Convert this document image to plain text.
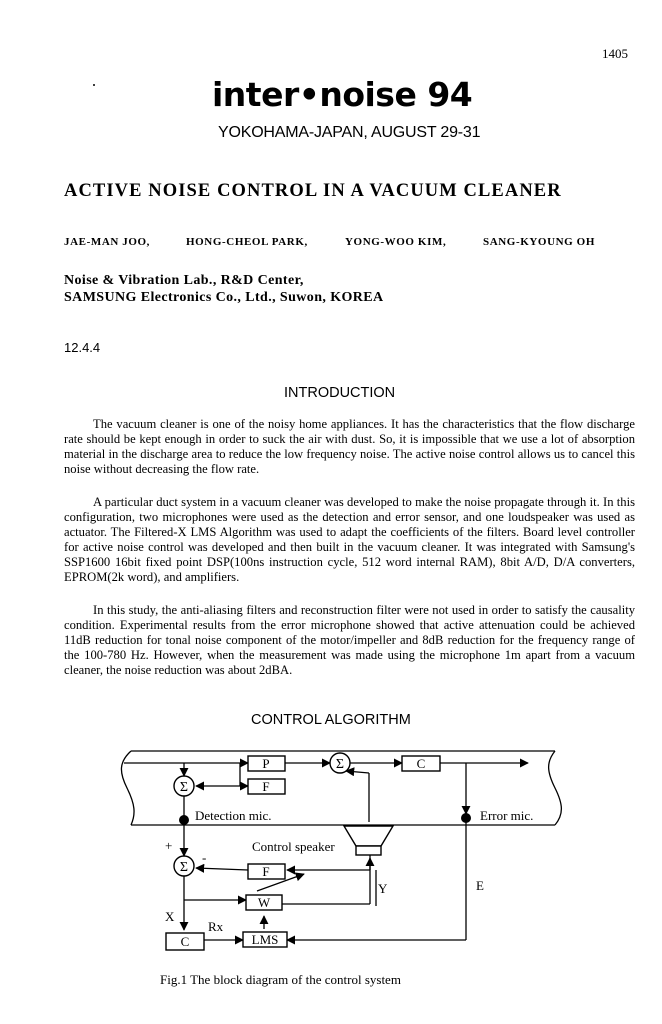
1405
inter•noise 94
YOKOHAMA-JAPAN, AUGUST 29-31
ACTIVE NOISE CONTROL IN A VACUUM CLEANER
JAE-MAN JOO,	HONG-CHEOL PARK,	YONG-WOO KIM,	SANG-KYOUNG OH
Noise & Vibration Lab., R&D Center,
SAMSUNG Electronics Co., Ltd., Suwon, KOREA
12.4.4
INTRODUCTION

The vacuum cleaner is one of the noisy home appliances. It has the characteristics that the flow discharge rate should be kept enough in order to suck the air with dust. So, it is impossible that we use a lot of absorption material in the discharge area to reduce the low frequency noise. The active noise control allows us to cancel this noise without decreasing the flow rate.

A particular duct system in a vacuum cleaner was developed to make the noise propagate through it. In this configuration, two microphones were used as the detection and error sensor, and one loudspeaker was used as actuator. The Filtered-X LMS Algorithm was used to adapt the coefficients of the filters. Board level controller for active noise control was developed and then built in the vacuum cleaner. It was integrated with Samsung's SSP1600 16bit fixed point DSP(100ns instruction cycle, 512 word internal RAM), 8bit A/D, D/A converters, EPROM(2k word), and amplifiers.

In this study, the anti-aliasing filters and reconstruction filter were not used in order to satisfy the causality condition. Experimental results from the error microphone showed that active attenuation could be achieved 11dB reduction for tonal noise component of the motor/impeller and 8dB reduction for the frequency range of the 100-780 Hz. However, when the measurement was made using the microphone 1m apart from a vacuum cleaner, the noise reduction was about 2dBA.

CONTROL ALGORITHM
P	C
F
F
W
LMS
C
Σ
Σ
Σ
Detection mic.	Error mic.
Control speaker
+
-
Y	E
X
Rx
Fig.1 The block diagram of the control system
